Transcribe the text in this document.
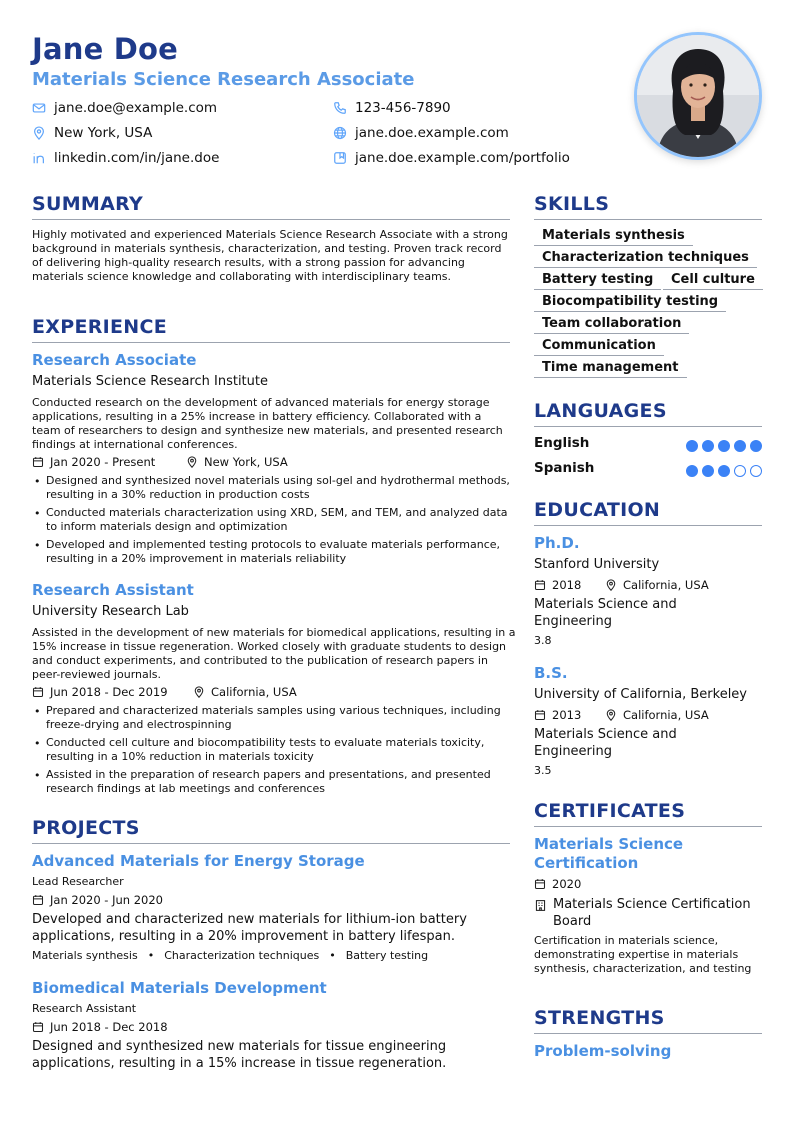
Jane Doe
Materials Science Research Associate
jane.doe@example.com	123-456-7890
New York, USA	jane.doe.example.com
linkedin.com/in/jane.doe	jane.doe.example.com/portfolio
SUMMARY
Highly motivated and experienced Materials Science Research Associate with a strong background in materials synthesis, characterization, and testing. Proven track record of delivering high-quality research results, with a strong passion for advancing materials science knowledge and collaborating with interdisciplinary teams.
EXPERIENCE
Research Associate
Materials Science Research Institute
Conducted research on the development of advanced materials for energy storage applications, resulting in a 25% increase in battery efficiency. Collaborated with a team of researchers to design and synthesize new materials, and presented research findings at international conferences.
Jan 2020 - Present	New York, USA
• Designed and synthesized novel materials using sol-gel and hydrothermal methods, resulting in a 30% reduction in production costs
• Conducted materials characterization using XRD, SEM, and TEM, and analyzed data to inform materials design and optimization
• Developed and implemented testing protocols to evaluate materials performance, resulting in a 20% improvement in materials reliability
Research Assistant
University Research Lab
Assisted in the development of new materials for biomedical applications, resulting in a 15% increase in tissue regeneration. Worked closely with graduate students to design and conduct experiments, and contributed to the publication of research papers in peer-reviewed journals.
Jun 2018 - Dec 2019	California, USA
• Prepared and characterized materials samples using various techniques, including freeze-drying and electrospinning
• Conducted cell culture and biocompatibility tests to evaluate materials toxicity, resulting in a 10% reduction in materials toxicity
• Assisted in the preparation of research papers and presentations, and presented research findings at lab meetings and conferences
PROJECTS
Advanced Materials for Energy Storage
Lead Researcher
Jan 2020 - Jun 2020
Developed and characterized new materials for lithium-ion battery applications, resulting in a 20% improvement in battery lifespan.
Materials synthesis • Characterization techniques • Battery testing
Biomedical Materials Development
Research Assistant
Jun 2018 - Dec 2018
Designed and synthesized new materials for tissue engineering applications, resulting in a 15% increase in tissue regeneration.
SKILLS
Materials synthesis
Characterization techniques
Battery testing	Cell culture
Biocompatibility testing
Team collaboration
Communication
Time management
LANGUAGES
English
Spanish
EDUCATION
Ph.D.
Stanford University
2018	California, USA
Materials Science and Engineering
3.8
B.S.
University of California, Berkeley
2013	California, USA
Materials Science and Engineering
3.5
CERTIFICATES
Materials Science Certification
2020
Materials Science Certification Board
Certification in materials science, demonstrating expertise in materials synthesis, characterization, and testing
STRENGTHS
Problem-solving
